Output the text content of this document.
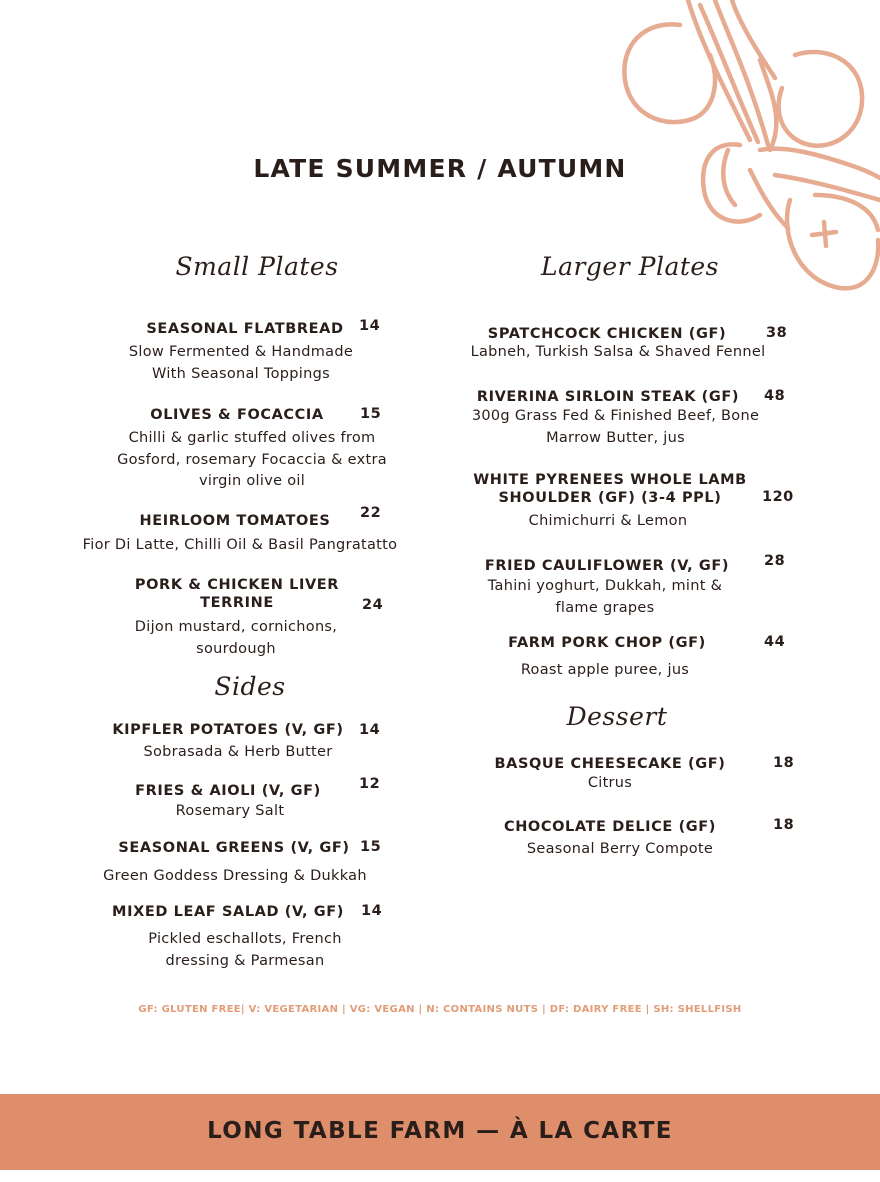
LATE SUMMER / AUTUMN
Small Plates
SEASONAL FLATBREAD	14
Slow Fermented & Handmade With Seasonal Toppings
OLIVES & FOCACCIA	15
Chilli & garlic stuffed olives from Gosford, rosemary Focaccia & extra virgin olive oil
HEIRLOOM TOMATOES	22
Fior Di Latte, Chilli Oil & Basil Pangratatto
PORK & CHICKEN LIVER TERRINE	24
Dijon mustard, cornichons, sourdough
Sides
KIPFLER POTATOES (V, GF)	14
Sobrasada & Herb Butter
FRIES & AIOLI (V, GF)	12
Rosemary Salt
SEASONAL GREENS (V, GF) 15
Green Goddess Dressing & Dukkah
MIXED LEAF SALAD (V, GF)	14
Pickled eschallots, French dressing & Parmesan
Larger Plates
SPATCHCOCK CHICKEN (GF)	38
Labneh, Turkish Salsa & Shaved Fennel
RIVERINA SIRLOIN STEAK (GF)	48
300g Grass Fed & Finished Beef, Bone Marrow Butter, jus
WHITE PYRENEES WHOLE LAMB SHOULDER (GF) (3-4 PPL)	120
Chimichurri & Lemon
FRIED CAULIFLOWER (V, GF)	28
Tahini yoghurt, Dukkah, mint & flame grapes
FARM PORK CHOP (GF)	44
Roast apple puree, jus
Dessert
BASQUE CHEESECAKE (GF)	18
Citrus
CHOCOLATE DELICE (GF)	18
Seasonal Berry Compote
GF: GLUTEN FREE| V: VEGETARIAN | VG: VEGAN | N: CONTAINS NUTS | DF: DAIRY FREE | SH: SHELLFISH
LONG TABLE FARM — À LA CARTE
